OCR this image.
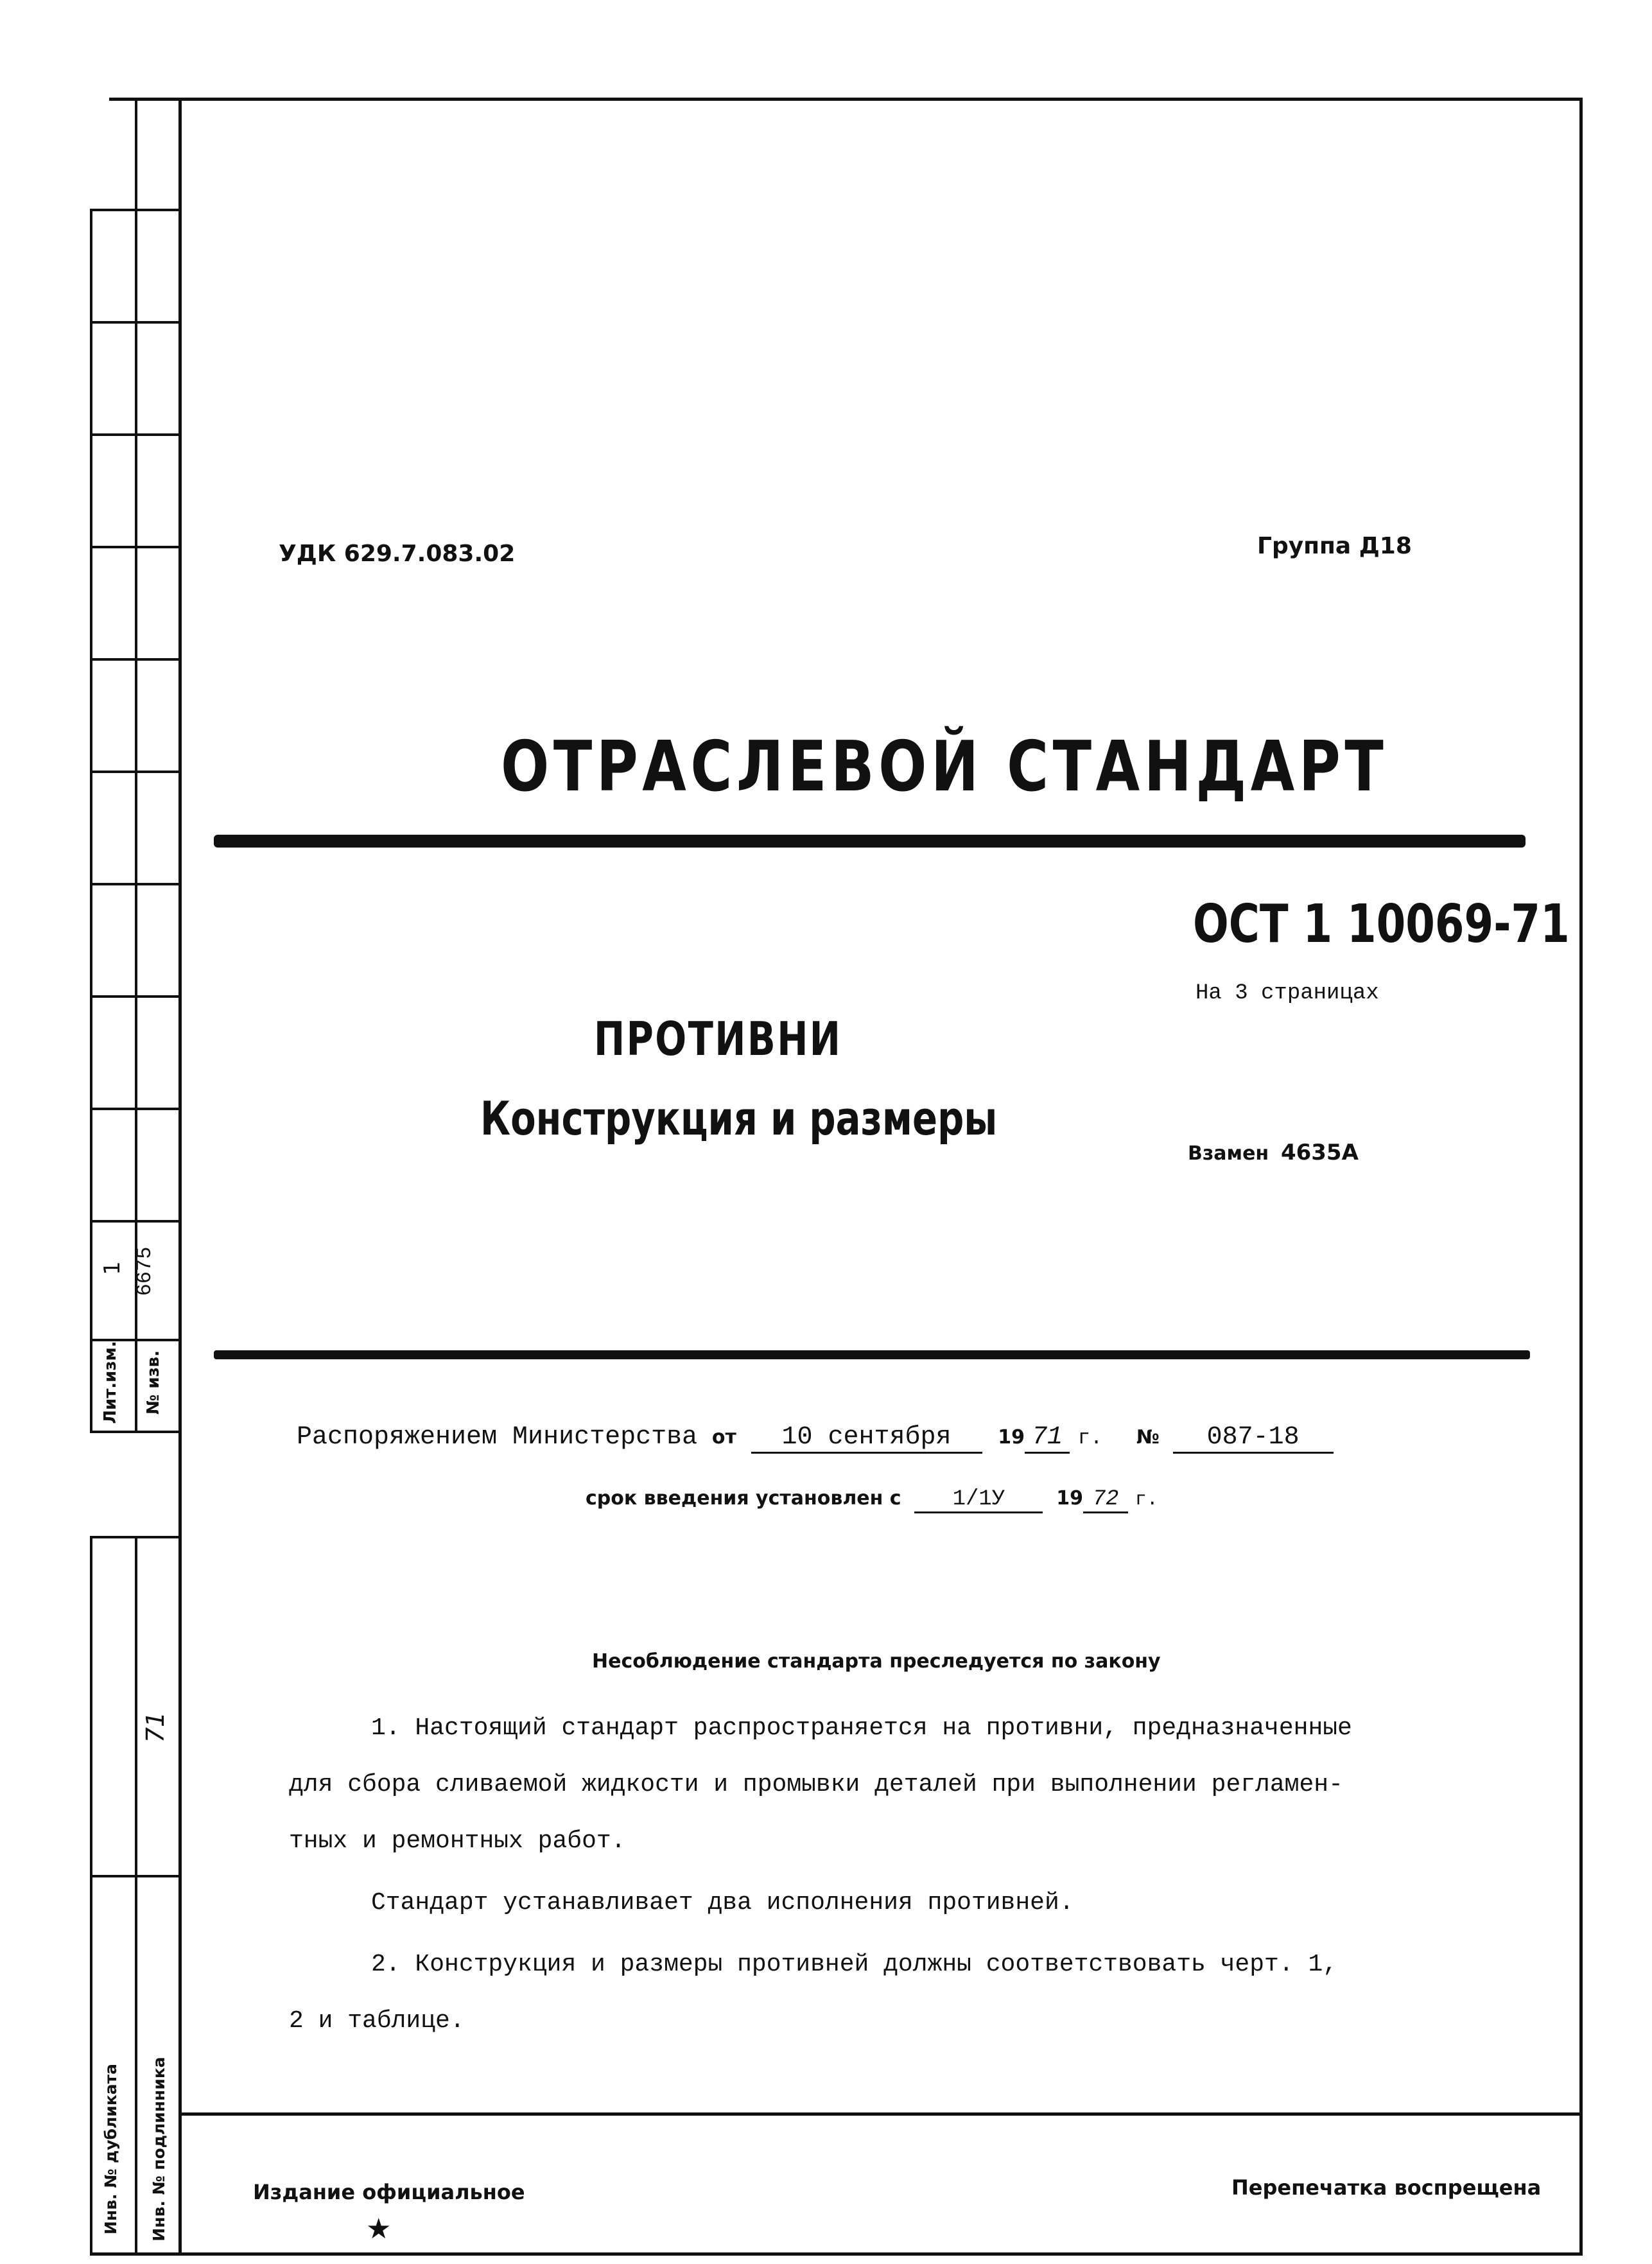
1 6675
Лит.изм. № изв.
71
Инв. № дубликата Инв. № подлинника
УДК 629.7.083.02	Группа Д18
ОТРАСЛЕВОЙ СТАНДАРТ
ОСТ 1 10069-71
На 3 страницах
ПРОТИВНИ
Конструкция и размеры
Взамен 4635А
Распоряжением Министерства от 10 сентября 19 71 г. № 087-18
срок введения установлен с 1/1У	19 72 г.
Несоблюдение стандарта преследуется по закону
1. Настоящий стандарт распространяется на противни, предназначенные
для сбора сливаемой жидкости и промывки деталей при выполнении регламен-
тных и ремонтных работ.
Стандарт устанавливает два исполнения противней.
2. Конструкция и размеры противней должны соответствовать черт. 1,
2 и таблице.
Издание официальное
★
Перепечатка воспрещена
